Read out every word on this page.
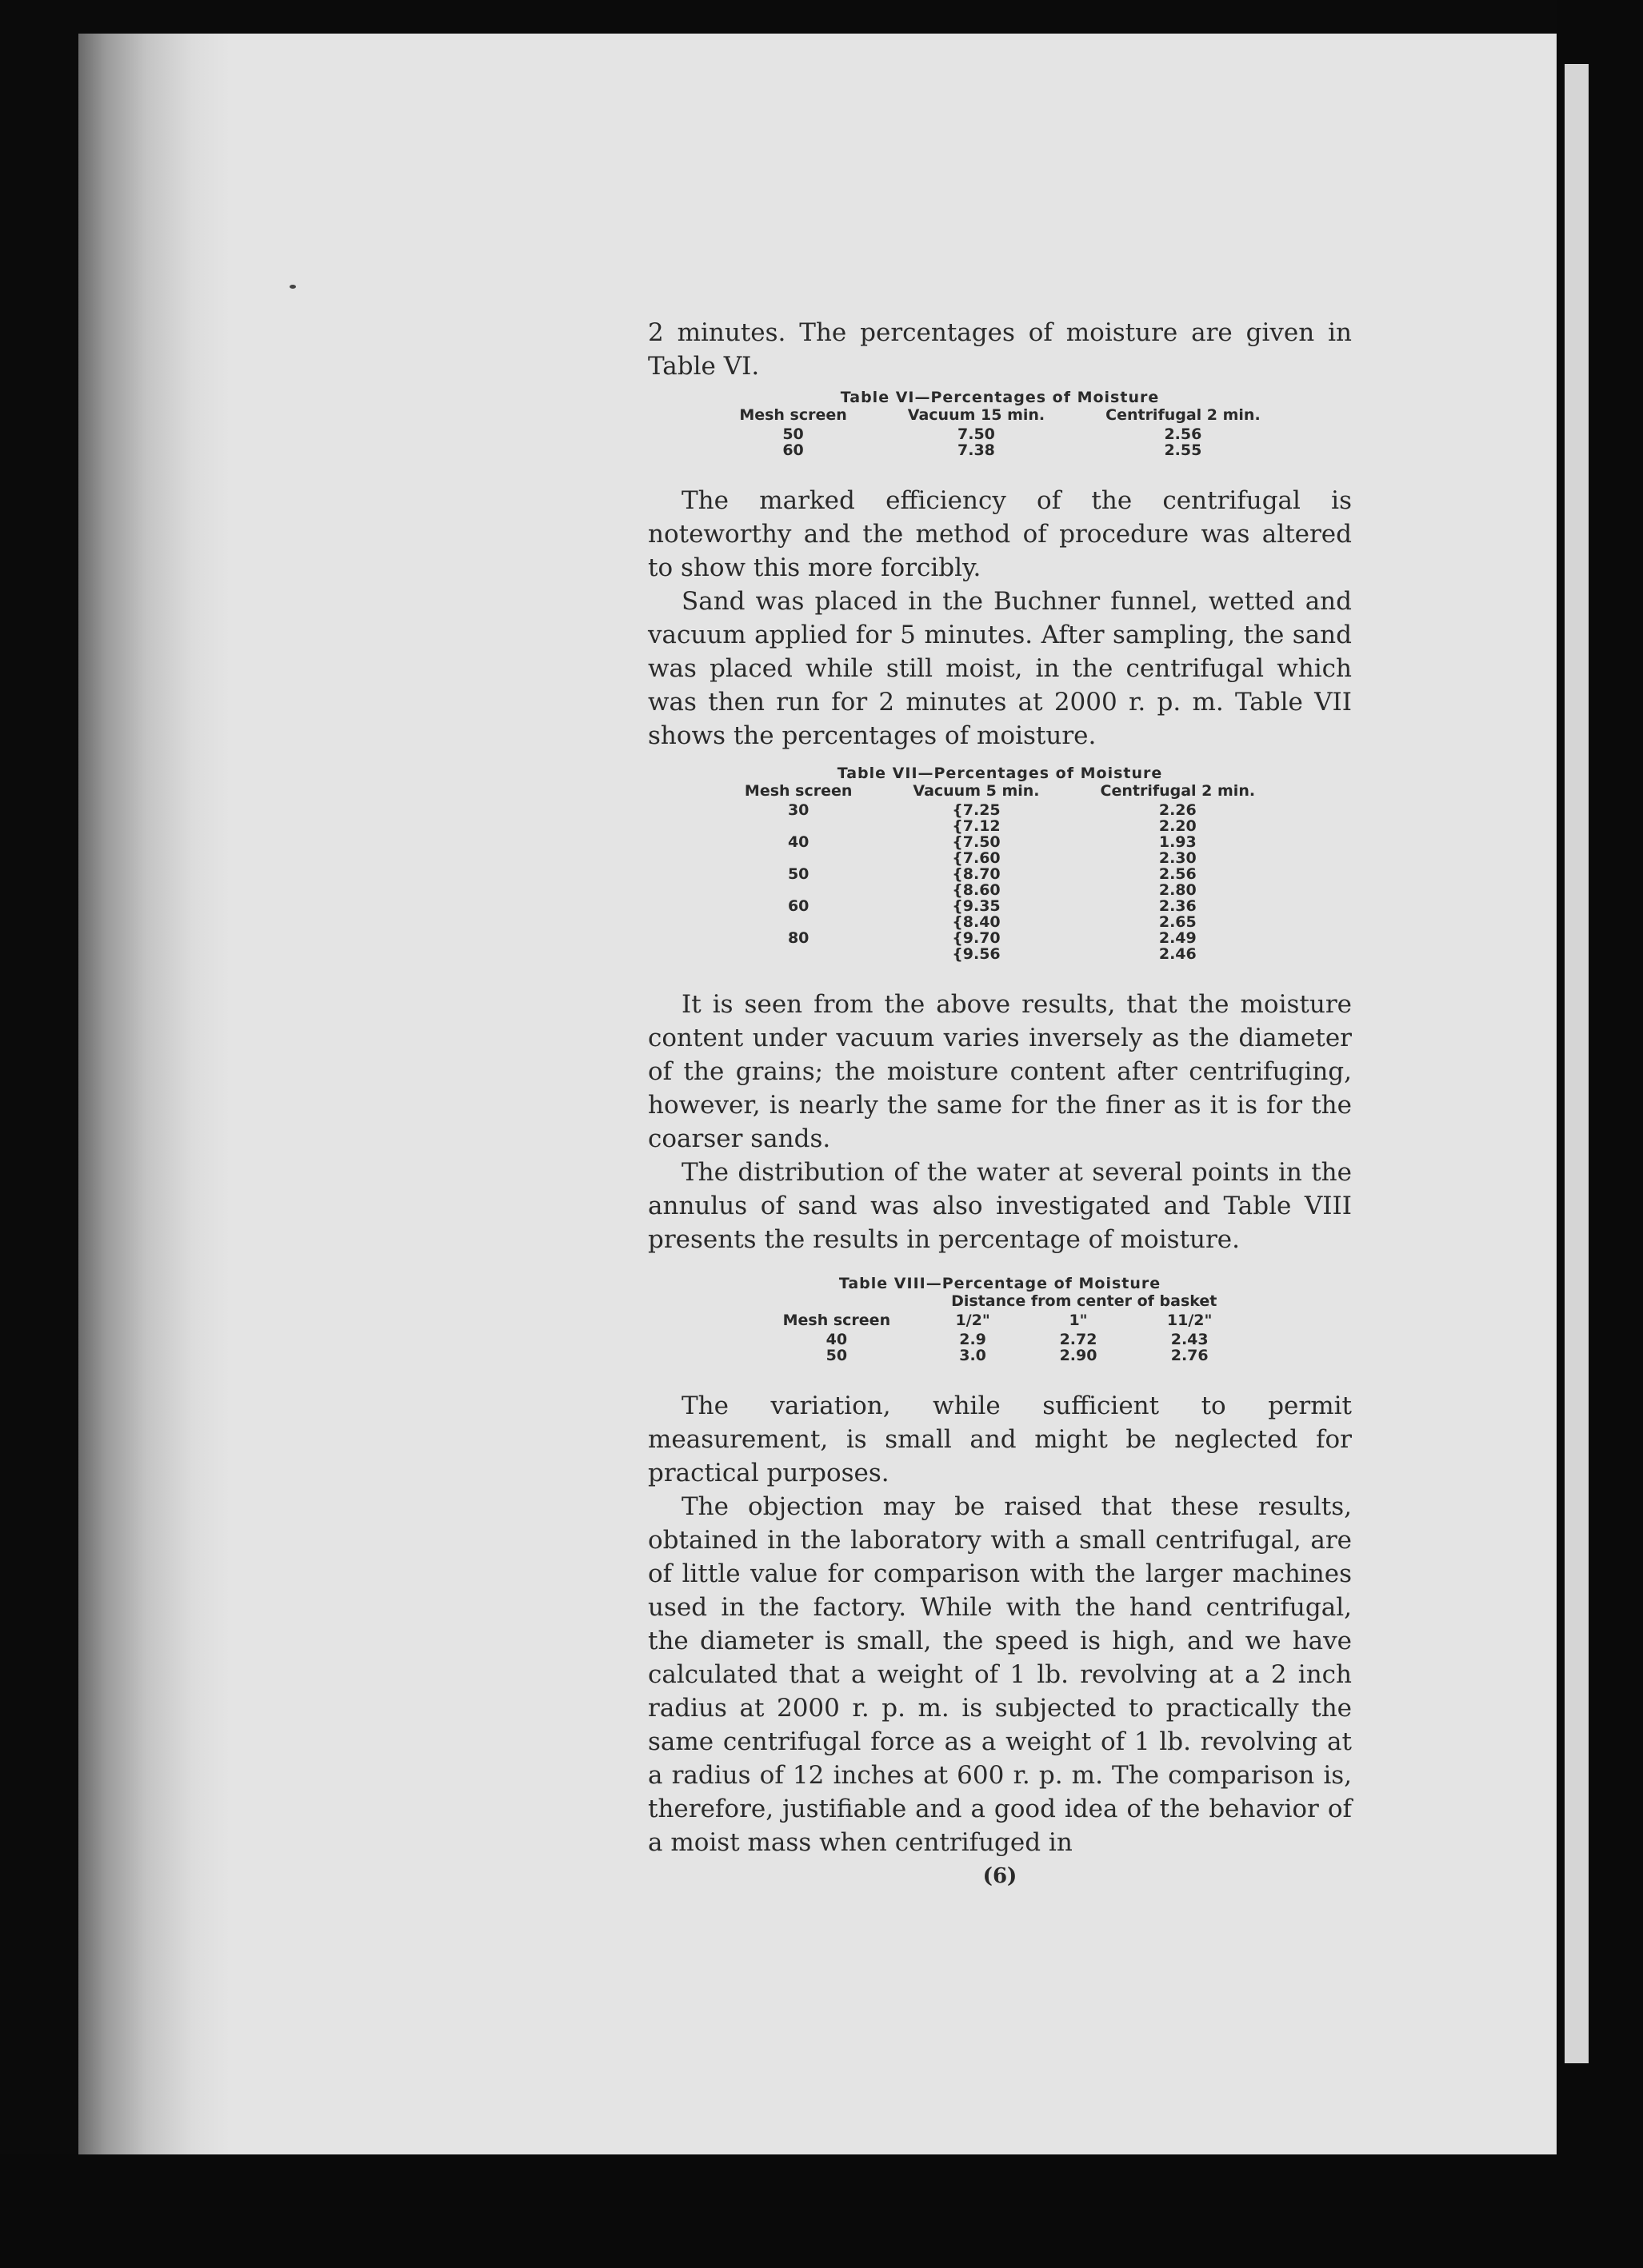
2 minutes. The percentages of moisture are given in Table VI.

Table VI—Percentages of Moisture
Mesh screen	Vacuum 15 min.	Centrifugal 2 min.
50	7.50	2.56
60	7.38	2.55

The marked efficiency of the centrifugal is noteworthy and the method of procedure was altered to show this more forcibly.

Sand was placed in the Buchner funnel, wetted and vacuum applied for 5 minutes. After sampling, the sand was placed while still moist, in the centrifugal which was then run for 2 minutes at 2000 r. p. m. Table VII shows the percentages of moisture.

Table VII—Percentages of Moisture
Mesh screen	Vacuum 5 min.	Centrifugal 2 min.
30	{7.25	2.26
	{7.12	2.20
40	{7.50	1.93
	{7.60	2.30
50	{8.70	2.56
	{8.60	2.80
60	{9.35	2.36
	{8.40	2.65
80	{9.70	2.49
	{9.56	2.46

It is seen from the above results, that the moisture content under vacuum varies inversely as the diameter of the grains; the moisture content after centrifuging, however, is nearly the same for the finer as it is for the coarser sands.

The distribution of the water at several points in the annulus of sand was also investigated and Table VIII presents the results in percentage of moisture.

Table VIII—Percentage of Moisture
	Distance from center of basket		
Mesh screen	1/2"	1"	11/2"
40	2.9	2.72	2.43
50	3.0	2.90	2.76

The variation, while sufficient to permit measurement, is small and might be neglected for practical purposes.

The objection may be raised that these results, obtained in the laboratory with a small centrifugal, are of little value for comparison with the larger machines used in the factory. While with the hand centrifugal, the diameter is small, the speed is high, and we have calculated that a weight of 1 lb. revolving at a 2 inch radius at 2000 r. p. m. is subjected to practically the same centrifugal force as a weight of 1 lb. revolving at a radius of 12 inches at 600 r. p. m. The comparison is, therefore, justifiable and a good idea of the behavior of a moist mass when centrifuged in

(6)
